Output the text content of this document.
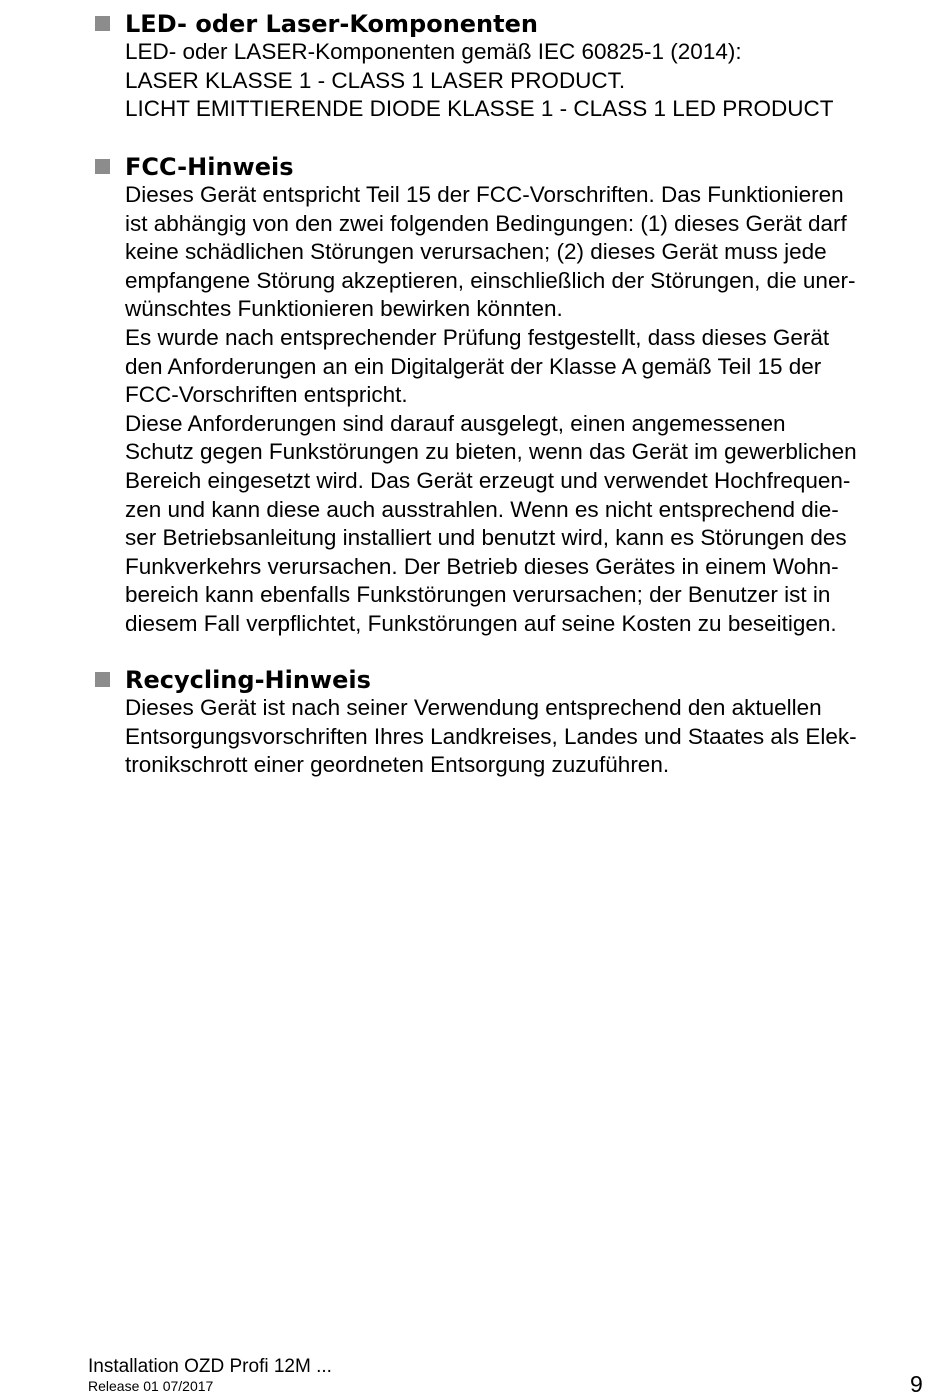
LED- oder Laser-Komponenten
LED- oder LASER-Komponenten gemäß IEC 60825-1 (2014):
LASER KLASSE 1 - CLASS 1 LASER PRODUCT.
LICHT EMITTIERENDE DIODE KLASSE 1 - CLASS 1 LED PRODUCT
FCC-Hinweis
Dieses Gerät entspricht Teil 15 der FCC-Vorschriften. Das Funktionieren
ist abhängig von den zwei folgenden Bedingungen: (1) dieses Gerät darf
keine schädlichen Störungen verursachen; (2) dieses Gerät muss jede
empfangene Störung akzeptieren, einschließlich der Störungen, die uner-
wünschtes Funktionieren bewirken könnten.
Es wurde nach entsprechender Prüfung festgestellt, dass dieses Gerät
den Anforderungen an ein Digitalgerät der Klasse A gemäß Teil 15 der
FCC-Vorschriften entspricht.
Diese Anforderungen sind darauf ausgelegt, einen angemessenen
Schutz gegen Funkstörungen zu bieten, wenn das Gerät im gewerblichen
Bereich eingesetzt wird. Das Gerät erzeugt und verwendet Hochfrequen-
zen und kann diese auch ausstrahlen. Wenn es nicht entsprechend die-
ser Betriebsanleitung installiert und benutzt wird, kann es Störungen des
Funkverkehrs verursachen. Der Betrieb dieses Gerätes in einem Wohn-
bereich kann ebenfalls Funkstörungen verursachen; der Benutzer ist in
diesem Fall verpflichtet, Funkstörungen auf seine Kosten zu beseitigen.
Recycling-Hinweis
Dieses Gerät ist nach seiner Verwendung entsprechend den aktuellen
Entsorgungsvorschriften Ihres Landkreises, Landes und Staates als Elek-
tronikschrott einer geordneten Entsorgung zuzuführen.
Installation OZD Profi 12M ...
Release 01 07/2017	9
